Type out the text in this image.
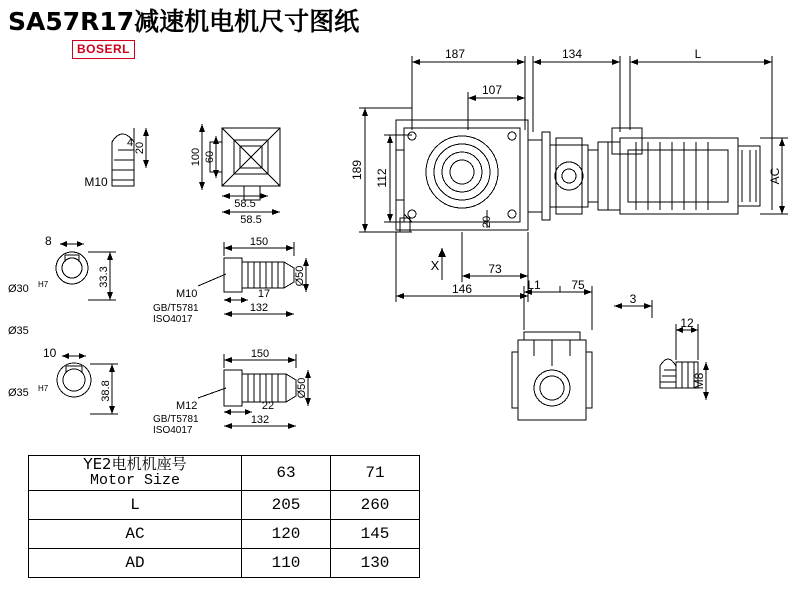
SA57R17减速机电机尺寸图纸
BOSERL	187
107
134	L
189 112
20
AC
146
73
X
L1	75
3
12
M8
20
4
M10
100 60
58.5
58.5
8
Ø30 H7	33.3
Ø35
10
Ø35 H7	38.8
150
M10
GB/T5781
ISO4017
17
132
Ø50
150
M12
GB/T5781
ISO4017
22
132
Ø50
YE2电机机座号
Motor Size	63	71
L	205	260
AC	120	145
AD	110	130
